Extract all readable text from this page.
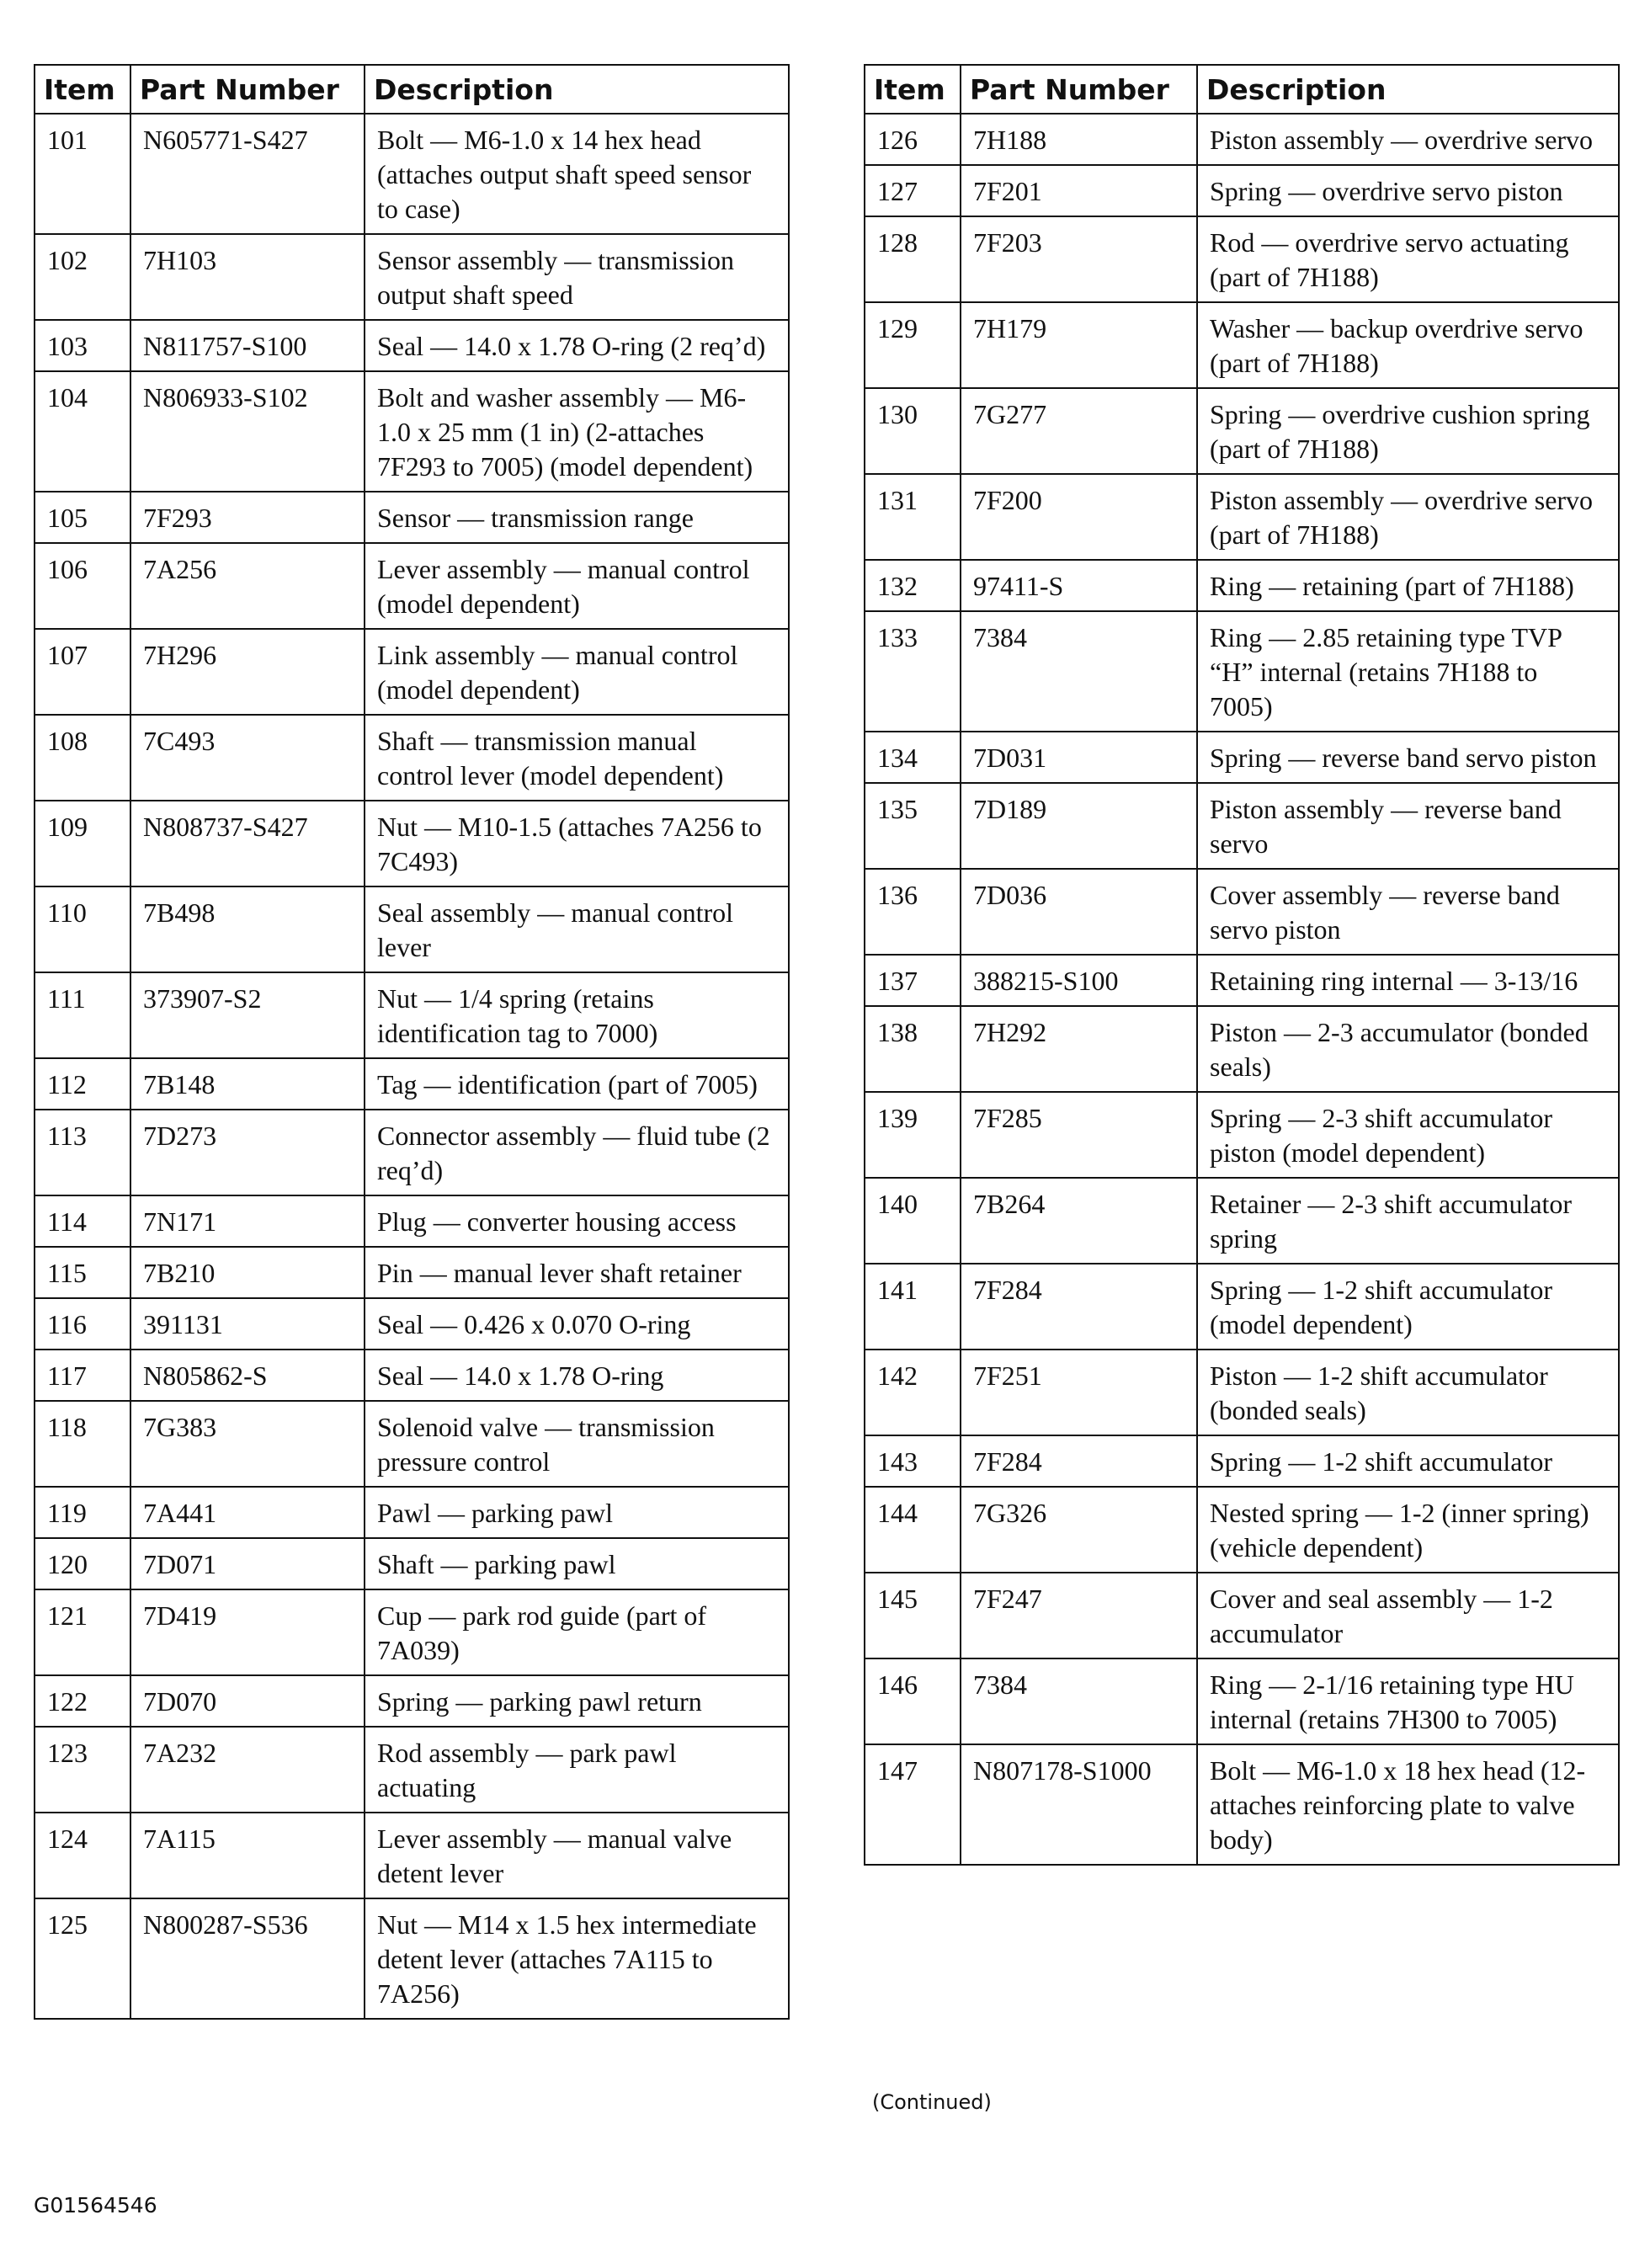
Item	Part Number	Description
101	N605771-S427	Bolt — M6-1.0 x 14 hex head (attaches output shaft speed sensor to case)
102	7H103	Sensor assembly — transmission output shaft speed
103	N811757-S100	Seal — 14.0 x 1.78 O-ring (2 req’d)
104	N806933-S102	Bolt and washer assembly — M6-1.0 x 25 mm (1 in) (2-attaches 7F293 to 7005) (model dependent)
105	7F293	Sensor — transmission range
106	7A256	Lever assembly — manual control (model dependent)
107	7H296	Link assembly — manual control (model dependent)
108	7C493	Shaft — transmission manual control lever (model dependent)
109	N808737-S427	Nut — M10-1.5 (attaches 7A256 to 7C493)
110	7B498	Seal assembly — manual control lever
111	373907-S2	Nut — 1/4 spring (retains identification tag to 7000)
112	7B148	Tag — identification (part of 7005)
113	7D273	Connector assembly — fluid tube (2 req’d)
114	7N171	Plug — converter housing access
115	7B210	Pin — manual lever shaft retainer
116	391131	Seal — 0.426 x 0.070 O-ring
117	N805862-S	Seal — 14.0 x 1.78 O-ring
118	7G383	Solenoid valve — transmission pressure control
119	7A441	Pawl — parking pawl
120	7D071	Shaft — parking pawl
121	7D419	Cup — park rod guide (part of 7A039)
122	7D070	Spring — parking pawl return
123	7A232	Rod assembly — park pawl actuating
124	7A115	Lever assembly — manual valve detent lever
125	N800287-S536	Nut — M14 x 1.5 hex intermediate detent lever (attaches 7A115 to 7A256)
Item	Part Number	Description
126	7H188	Piston assembly — overdrive servo
127	7F201	Spring — overdrive servo piston
128	7F203	Rod — overdrive servo actuating (part of 7H188)
129	7H179	Washer — backup overdrive servo (part of 7H188)
130	7G277	Spring — overdrive cushion spring (part of 7H188)
131	7F200	Piston assembly — overdrive servo (part of 7H188)
132	97411-S	Ring — retaining (part of 7H188)
133	7384	Ring — 2.85 retaining type TVP “H” internal (retains 7H188 to 7005)
134	7D031	Spring — reverse band servo piston
135	7D189	Piston assembly — reverse band servo
136	7D036	Cover assembly — reverse band servo piston
137	388215-S100	Retaining ring internal — 3-13/16
138	7H292	Piston — 2-3 accumulator (bonded seals)
139	7F285	Spring — 2-3 shift accumulator piston (model dependent)
140	7B264	Retainer — 2-3 shift accumulator spring
141	7F284	Spring — 1-2 shift accumulator (model dependent)
142	7F251	Piston — 1-2 shift accumulator (bonded seals)
143	7F284	Spring — 1-2 shift accumulator
144	7G326	Nested spring — 1-2 (inner spring) (vehicle dependent)
145	7F247	Cover and seal assembly — 1-2 accumulator
146	7384	Ring — 2-1/16 retaining type HU internal (retains 7H300 to 7005)
147	N807178-S1000	Bolt — M6-1.0 x 18 hex head (12-attaches reinforcing plate to valve body)
(Continued)
G01564546
